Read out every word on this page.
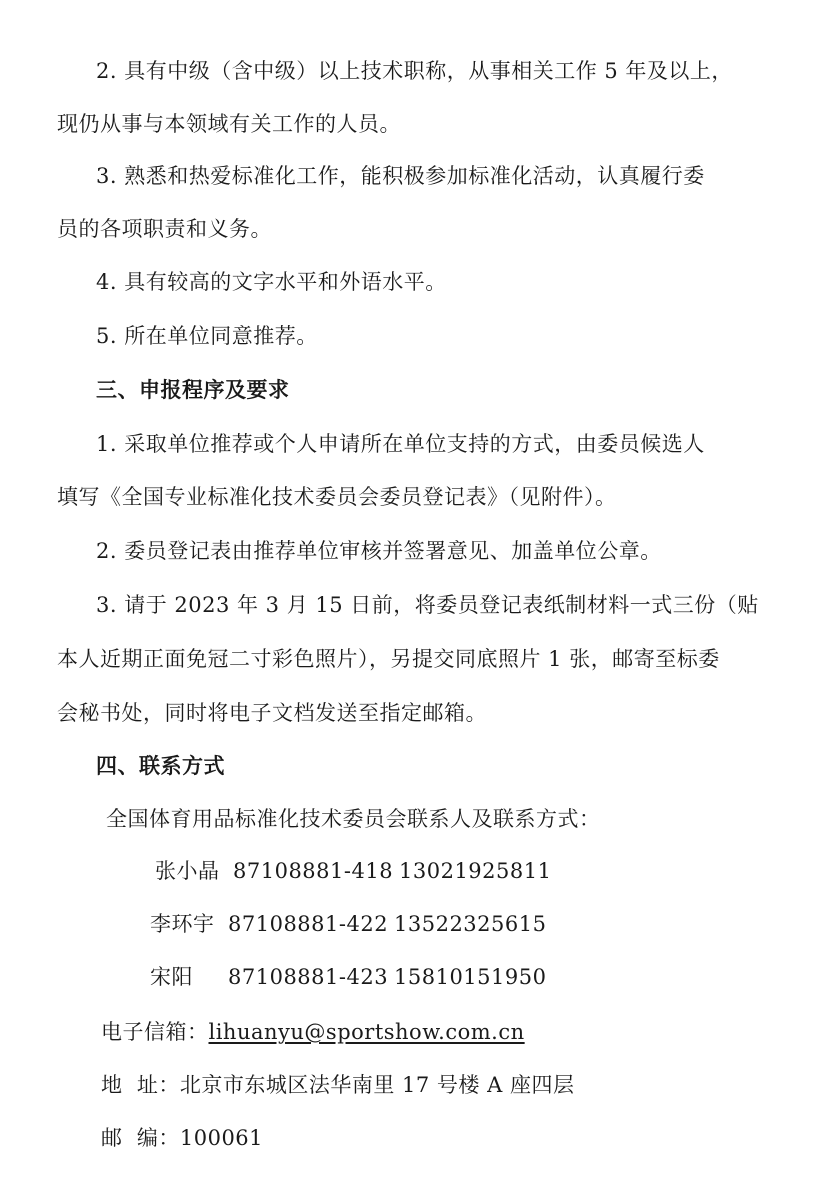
2. 具有中级（含中级）以上技术职称，从事相关工作 5 年及以上，
现仍从事与本领域有关工作的人员。
3. 熟悉和热爱标准化工作，能积极参加标准化活动，认真履行委
员的各项职责和义务。
4. 具有较高的文字水平和外语水平。
5. 所在单位同意推荐。
三、申报程序及要求
1. 采取单位推荐或个人申请所在单位支持的方式，由委员候选人
填写《全国专业标准化技术委员会委员登记表》（见附件）。
2. 委员登记表由推荐单位审核并签署意见、加盖单位公章。
3. 请于 2023 年 3 月 15 日前，将委员登记表纸制材料一式三份（贴
本人近期正面免冠二寸彩色照片），另提交同底照片 1 张，邮寄至标委
会秘书处，同时将电子文档发送至指定邮箱。
四、联系方式
全国体育用品标准化技术委员会联系人及联系方式：
张小晶 87108881-418 13021925811
李环宇 87108881-422 13522325615
宋阳 87108881-423 15810151950
电子信箱：lihuanyu@sportshow.com.cn
地  址：北京市东城区法华南里 17 号楼 A 座四层
邮  编：100061
